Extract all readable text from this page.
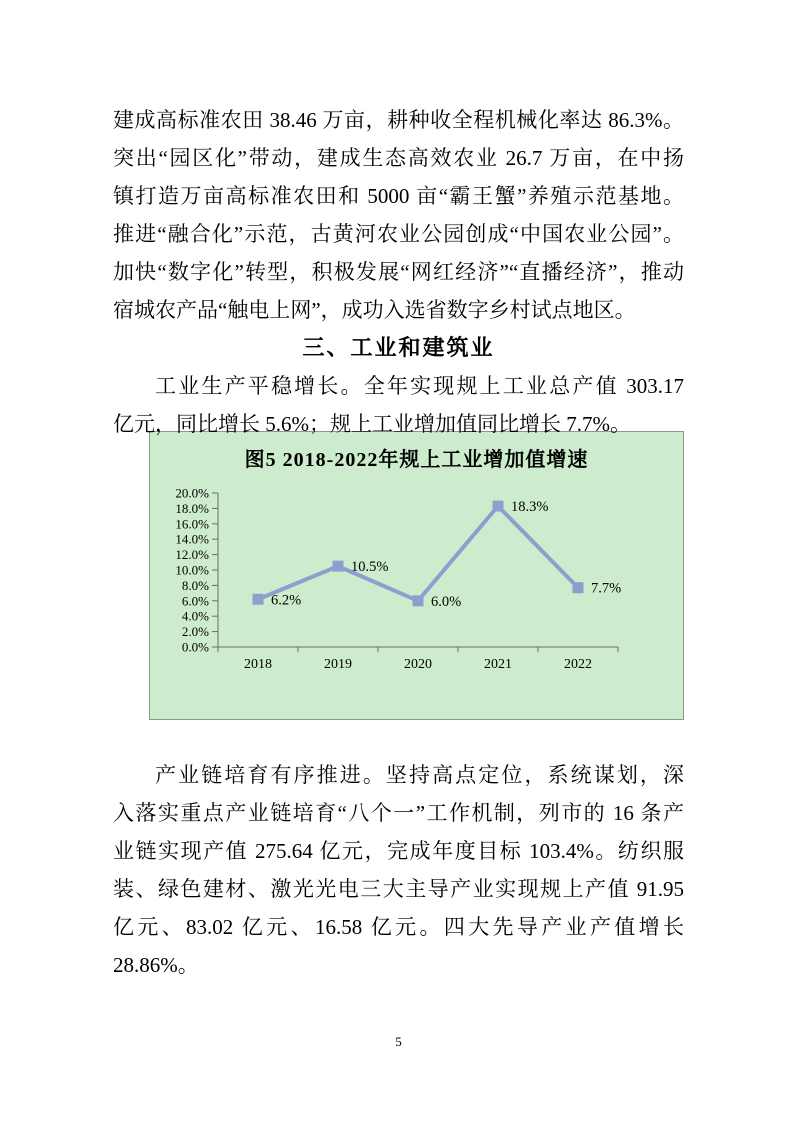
建成高标准农田 38.46 万亩，耕种收全程机械化率达 86.3%。
突出“园区化”带动，建成生态高效农业 26.7 万亩，在中扬
镇打造万亩高标准农田和 5000 亩“霸王蟹”养殖示范基地。
推进“融合化”示范，古黄河农业公园创成“中国农业公园”。
加快“数字化”转型，积极发展“网红经济”“直播经济”，推动
宿城农产品“触电上网”，成功入选省数字乡村试点地区。
三、工业和建筑业
工业生产平稳增长。全年实现规上工业总产值 303.17
亿元，同比增长 5.6%；规上工业增加值同比增长 7.7%。
图5 2018-2022年规上工业增加值增速
0.0%
2.0%
4.0%
6.0%
8.0%
10.0%
12.0%
14.0%
16.0%
18.0%
20.0%
2018	2019	2020	2021	2022
6.2%
10.5%
6.0%
18.3%
7.7%
产业链培育有序推进。坚持高点定位，系统谋划，深
入落实重点产业链培育“八个一”工作机制，列市的 16 条产
业链实现产值 275.64 亿元，完成年度目标 103.4%。纺织服
装、绿色建材、激光光电三大主导产业实现规上产值 91.95
亿元、83.02 亿元、16.58 亿元。四大先导产业产值增长
28.86%。
5
